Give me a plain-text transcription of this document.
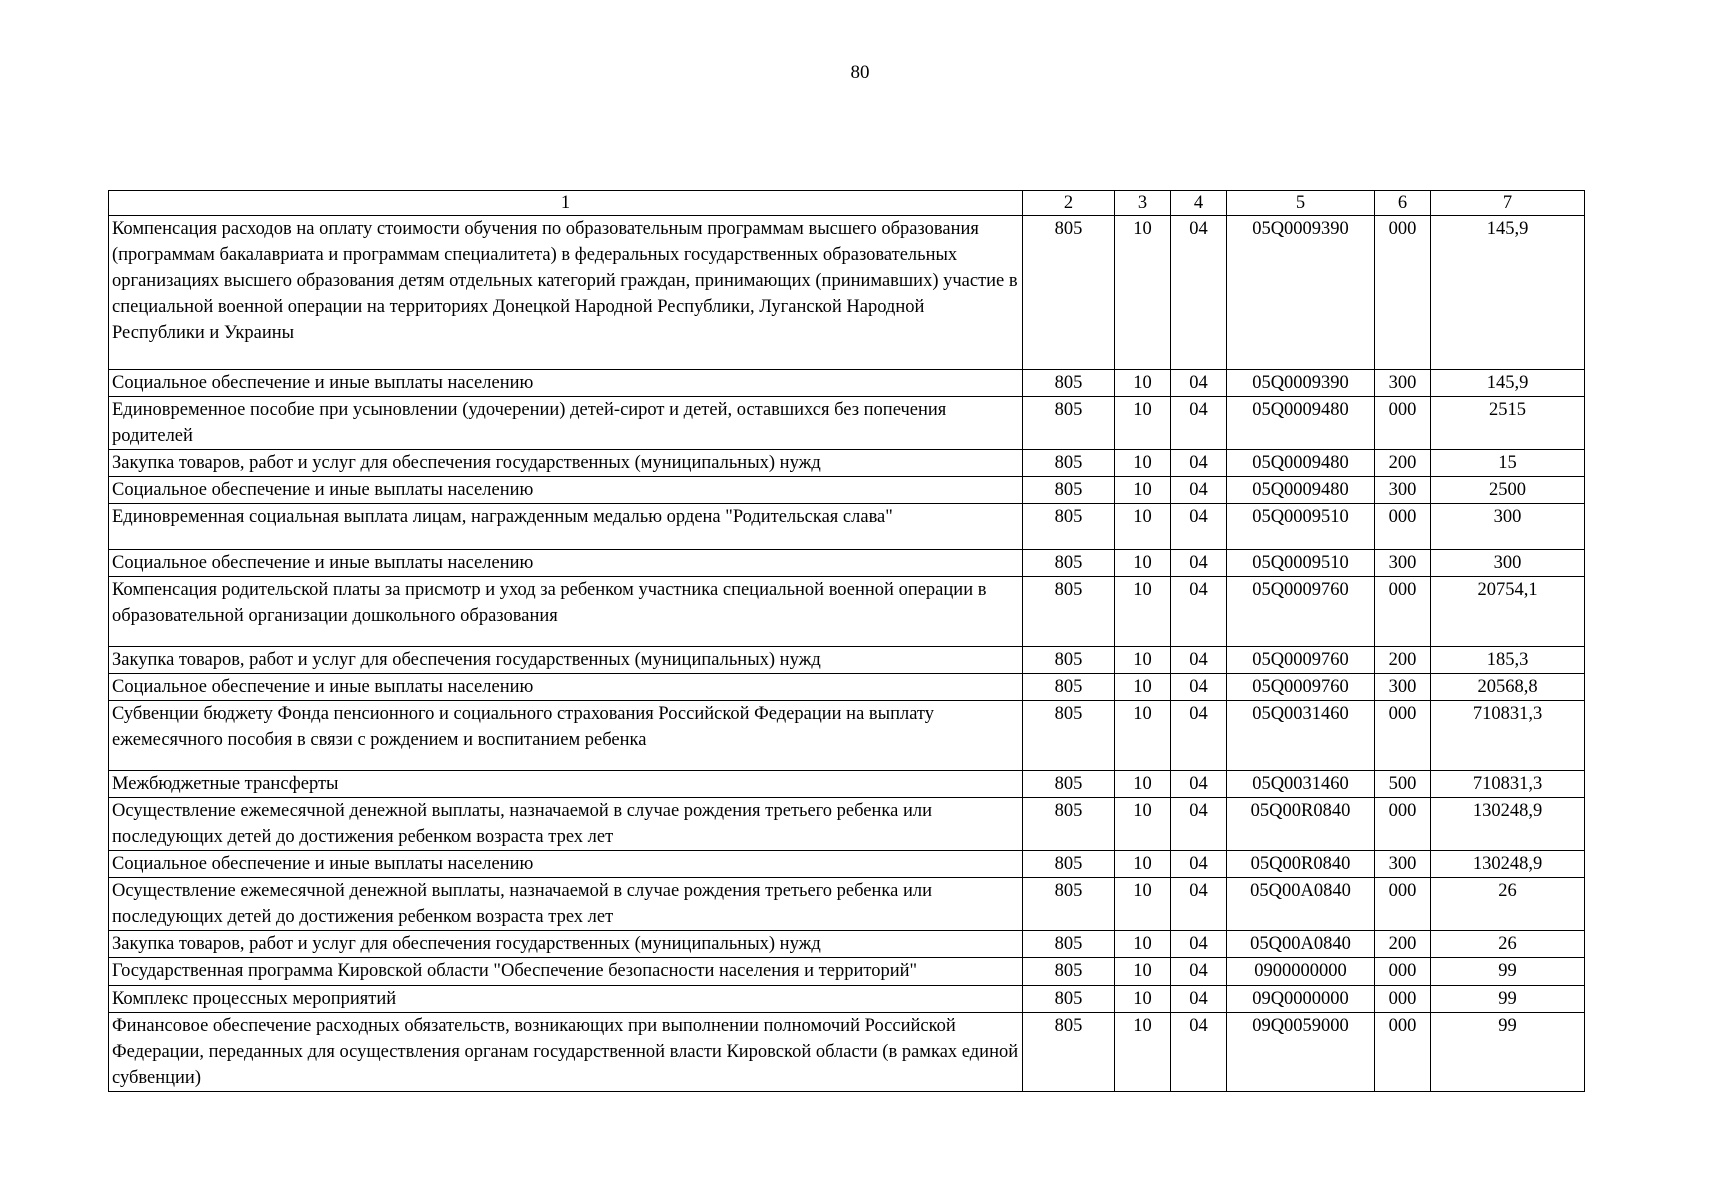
80
1	2	3	4	5	6	7
Компенсация расходов на оплату стоимости обучения по образовательным программам высшего образования (программам бакалавриата и программам специалитета) в федеральных государственных образовательных организациях высшего образования детям отдельных категорий граждан, принимающих (принимавших) участие в специальной военной операции на территориях Донецкой Народной Республики, Луганской Народной Республики и Украины	805	10	04	05Q0009390	000	145,9
Социальное обеспечение и иные выплаты населению	805	10	04	05Q0009390	300	145,9
Единовременное пособие при усыновлении (удочерении) детей-сирот и детей, оставшихся без попечения родителей	805	10	04	05Q0009480	000	2515
Закупка товаров, работ и услуг для обеспечения государственных (муниципальных) нужд	805	10	04	05Q0009480	200	15
Социальное обеспечение и иные выплаты населению	805	10	04	05Q0009480	300	2500
Единовременная социальная выплата лицам, награжденным медалью ордена "Родительская слава"	805	10	04	05Q0009510	000	300
Социальное обеспечение и иные выплаты населению	805	10	04	05Q0009510	300	300
Компенсация родительской платы за присмотр и уход за ребенком участника специальной военной операции в образовательной организации дошкольного образования	805	10	04	05Q0009760	000	20754,1
Закупка товаров, работ и услуг для обеспечения государственных (муниципальных) нужд	805	10	04	05Q0009760	200	185,3
Социальное обеспечение и иные выплаты населению	805	10	04	05Q0009760	300	20568,8
Субвенции бюджету Фонда пенсионного и социального страхования Российской Федерации на выплату ежемесячного пособия в связи с рождением и воспитанием ребенка	805	10	04	05Q0031460	000	710831,3
Межбюджетные трансферты	805	10	04	05Q0031460	500	710831,3
Осуществление ежемесячной денежной выплаты, назначаемой в случае рождения третьего ребенка или последующих детей до достижения ребенком возраста трех лет	805	10	04	05Q00R0840	000	130248,9
Социальное обеспечение и иные выплаты населению	805	10	04	05Q00R0840	300	130248,9
Осуществление ежемесячной денежной выплаты, назначаемой в случае рождения третьего ребенка или последующих детей до достижения ребенком возраста трех лет	805	10	04	05Q00A0840	000	26
Закупка товаров, работ и услуг для обеспечения государственных (муниципальных) нужд	805	10	04	05Q00A0840	200	26
Государственная программа Кировской области "Обеспечение безопасности населения и территорий"	805	10	04	0900000000	000	99
Комплекс процессных мероприятий	805	10	04	09Q0000000	000	99
Финансовое обеспечение расходных обязательств, возникающих при выполнении полномочий Российской Федерации, переданных для осуществления органам государственной власти Кировской области (в рамках единой субвенции)	805	10	04	09Q0059000	000	99
